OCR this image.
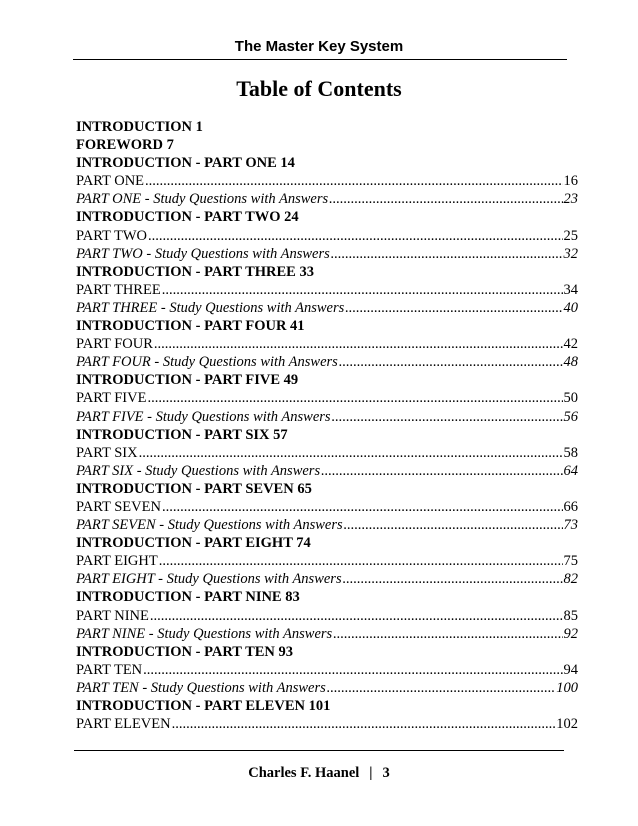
The Master Key System
Table of Contents
INTRODUCTION 1
FOREWORD 7
INTRODUCTION - PART ONE 14
PART ONE .....	16
PART ONE - Study Questions with Answers .....	23
INTRODUCTION - PART TWO 24
PART TWO .....	25
PART TWO - Study Questions with Answers .....	32
INTRODUCTION - PART THREE 33
PART THREE .....	34
PART THREE - Study Questions with Answers .....	40
INTRODUCTION - PART FOUR 41
PART FOUR .....	42
PART FOUR - Study Questions with Answers .....	48
INTRODUCTION - PART FIVE 49
PART FIVE .....	50
PART FIVE - Study Questions with Answers .....	56
INTRODUCTION - PART SIX 57
PART SIX .....	58
PART SIX - Study Questions with Answers .....	64
INTRODUCTION - PART SEVEN 65
PART SEVEN .....	66
PART SEVEN - Study Questions with Answers .....	73
INTRODUCTION - PART EIGHT 74
PART EIGHT .....	75
PART EIGHT - Study Questions with Answers .....	82
INTRODUCTION - PART NINE 83
PART NINE .....	85
PART NINE - Study Questions with Answers .....	92
INTRODUCTION - PART TEN 93
PART TEN .....	94
PART TEN - Study Questions with Answers .....	100
INTRODUCTION - PART ELEVEN 101
PART ELEVEN .....	102
Charles F. Haanel | 3
